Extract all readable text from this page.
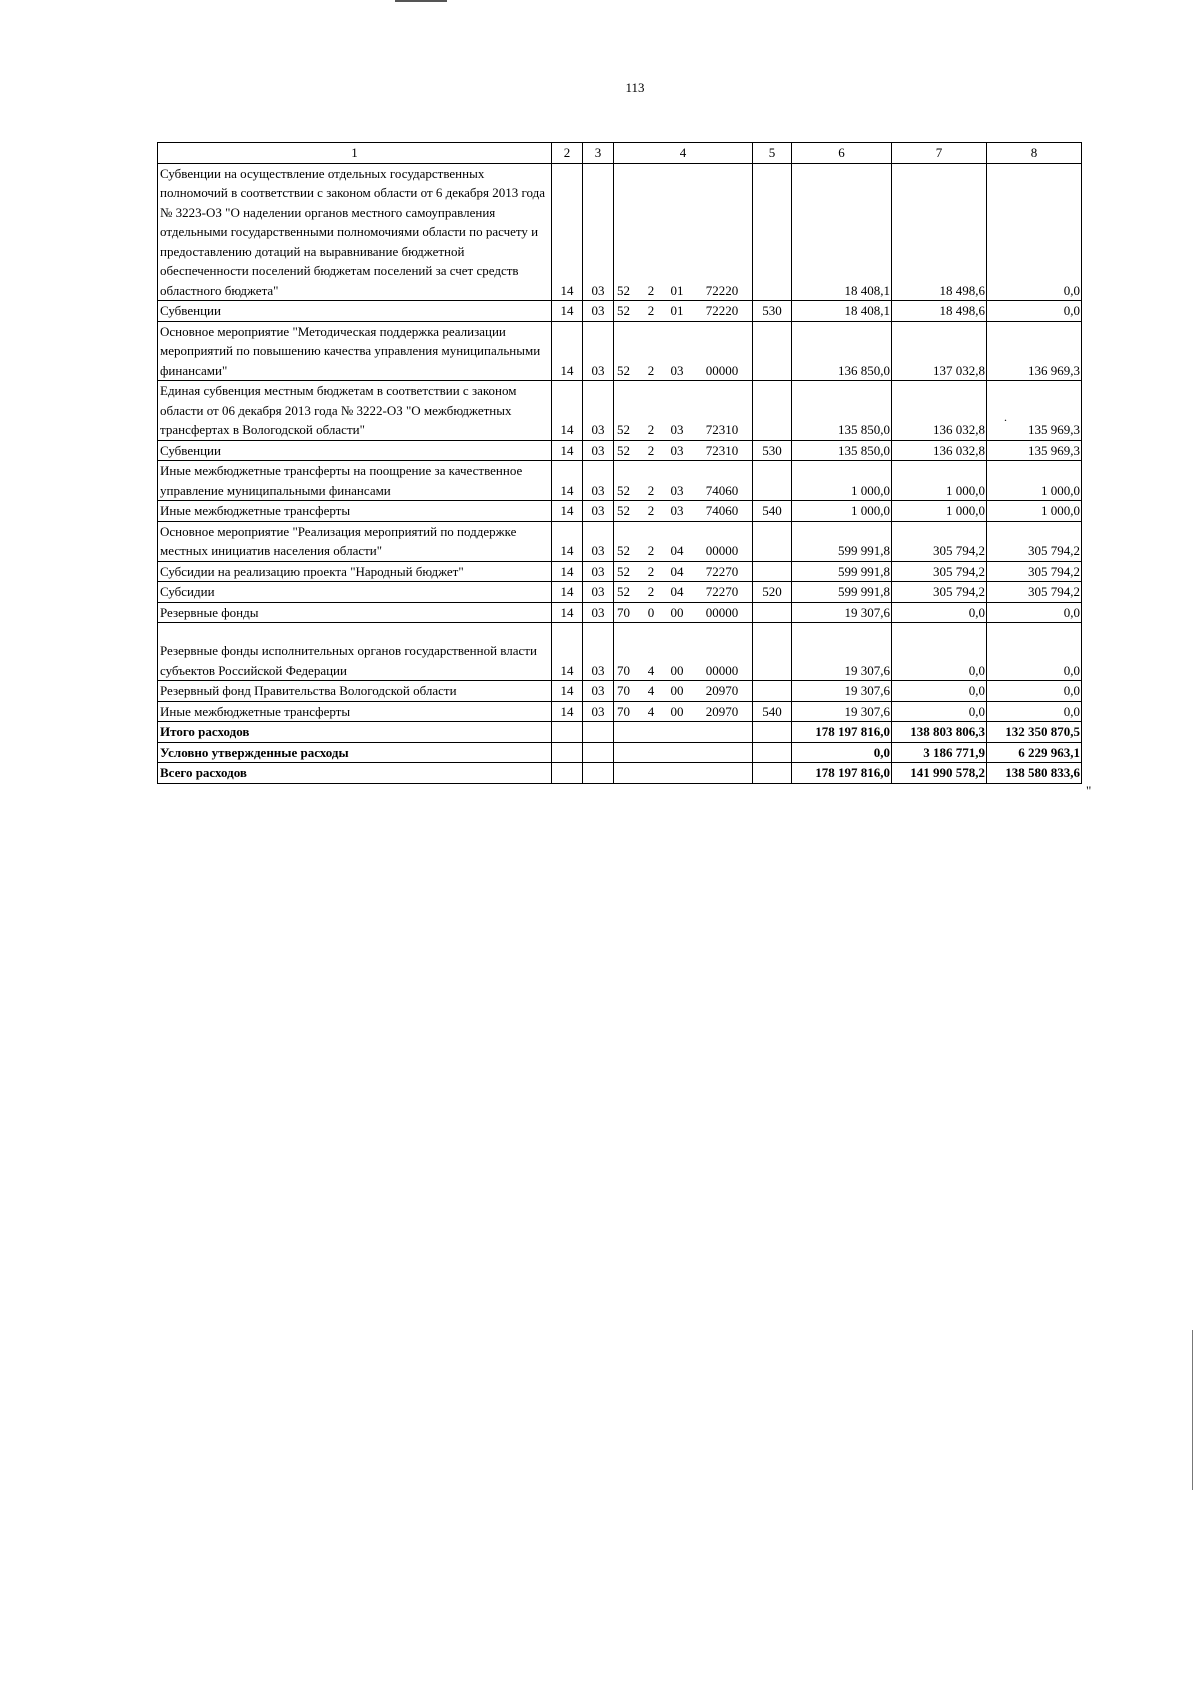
113
1	2	3	4	5	6	7	8
Субвенции на осуществление отдельных государственных полномочий в соответствии с законом области от 6 декабря 2013 года № 3223-ОЗ "О наделении органов местного самоуправления отдельными государственными полномочиями области по расчету и предоставлению дотаций на выравнивание бюджетной обеспеченности поселений бюджетам поселений за счет средств областного бюджета"	14	03	52 2 01 72220		18 408,1	18 498,6	0,0
Субвенции	14	03	52 2 01 72220	530	18 408,1	18 498,6	0,0
Основное мероприятие "Методическая поддержка реализации мероприятий по повышению качества управления муниципальными финансами"	14	03	52 2 03 00000		136 850,0	137 032,8	136 969,3
Единая субвенция местным бюджетам в соответствии с законом области от 06 декабря 2013 года № 3222-ОЗ "О межбюджетных трансфертах в Вологодской области"	14	03	52 2 03 72310		135 850,0	136 032,8	135 969,3
Субвенции	14	03	52 2 03 72310	530	135 850,0	136 032,8	135 969,3
Иные межбюджетные трансферты на поощрение за качественное управление муниципальными финансами	14	03	52 2 03 74060		1 000,0	1 000,0	1 000,0
Иные межбюджетные трансферты	14	03	52 2 03 74060	540	1 000,0	1 000,0	1 000,0
Основное мероприятие "Реализация мероприятий по поддержке местных инициатив населения области"	14	03	52 2 04 00000		599 991,8	305 794,2	305 794,2
Субсидии на реализацию проекта "Народный бюджет"	14	03	52 2 04 72270		599 991,8	305 794,2	305 794,2
Субсидии	14	03	52 2 04 72270	520	599 991,8	305 794,2	305 794,2
Резервные фонды	14	03	70 0 00 00000		19 307,6	0,0	0,0
Резервные фонды исполнительных органов государственной власти субъектов Российской Федерации	14	03	70 4 00 00000		19 307,6	0,0	0,0
Резервный фонд Правительства Вологодской области	14	03	70 4 00 20970		19 307,6	0,0	0,0
Иные межбюджетные трансферты	14	03	70 4 00 20970	540	19 307,6	0,0	0,0
Итого расходов					178 197 816,0	138 803 806,3	132 350 870,5
Условно утвержденные расходы					0,0	3 186 771,9	6 229 963,1
Всего расходов					178 197 816,0	141 990 578,2	138 580 833,6
.
"
